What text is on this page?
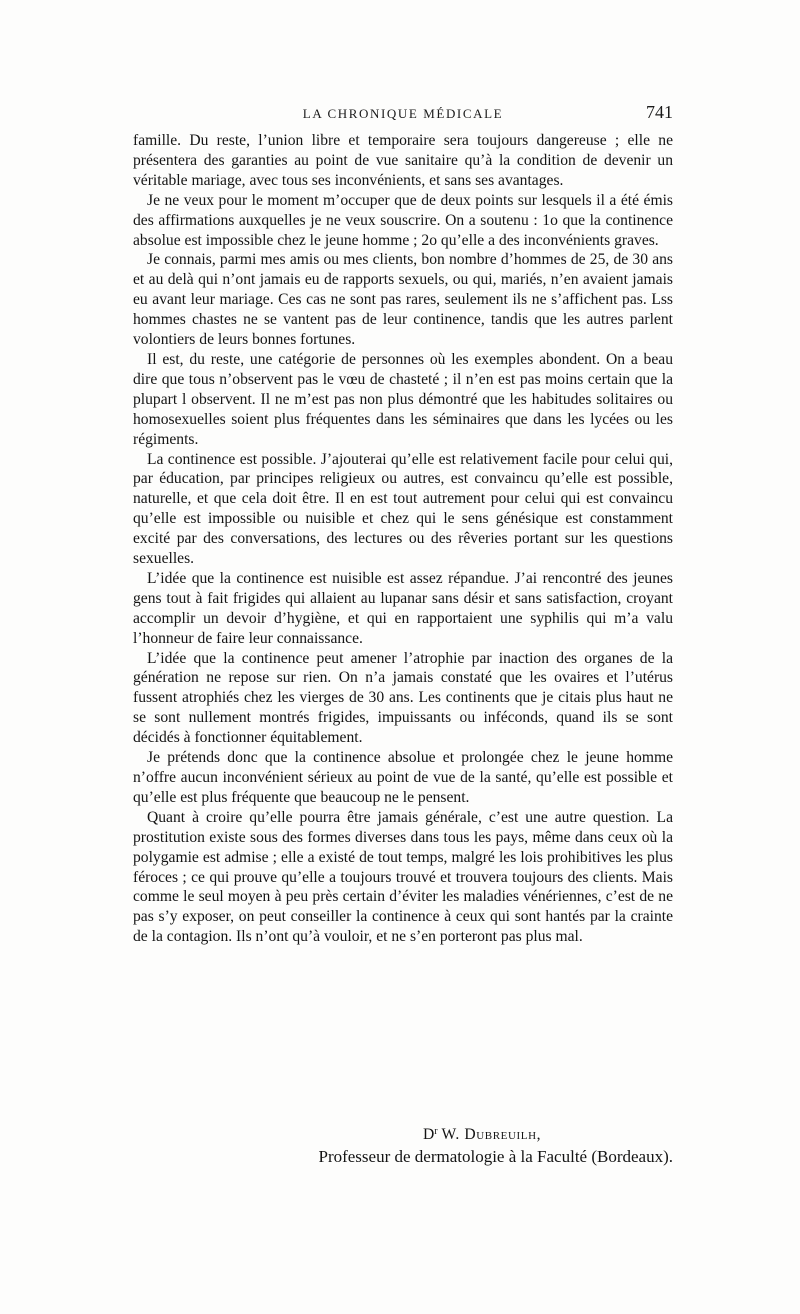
LA CHRONIQUE MÉDICALE	741

famille. Du reste, l’union libre et temporaire sera toujours dangereuse ; elle ne présentera des garanties au point de vue sanitaire qu’à la condition de devenir un véritable mariage, avec tous ses inconvénients, et sans ses avantages.

Je ne veux pour le moment m’occuper que de deux points sur lesquels il a été émis des affirmations auxquelles je ne veux souscrire. On a soutenu : 1o que la continence absolue est impossible chez le jeune homme ; 2o qu’elle a des inconvénients graves.

Je connais, parmi mes amis ou mes clients, bon nombre d’hommes de 25, de 30 ans et au delà qui n’ont jamais eu de rapports sexuels, ou qui, mariés, n’en avaient jamais eu avant leur mariage. Ces cas ne sont pas rares, seulement ils ne s’affichent pas. Lss hommes chastes ne se vantent pas de leur continence, tandis que les autres parlent volontiers de leurs bonnes fortunes.

Il est, du reste, une catégorie de personnes où les exemples abondent. On a beau dire que tous n’observent pas le vœu de chasteté ; il n’en est pas moins certain que la plupart l observent. Il ne m’est pas non plus démontré que les habitudes solitaires ou homosexuelles soient plus fréquentes dans les séminaires que dans les lycées ou les régiments.

La continence est possible. J’ajouterai qu’elle est relativement facile pour celui qui, par éducation, par principes religieux ou autres, est convaincu qu’elle est possible, naturelle, et que cela doit être. Il en est tout autrement pour celui qui est convaincu qu’elle est impossible ou nuisible et chez qui le sens génésique est constamment excité par des conversations, des lectures ou des rêveries portant sur les questions sexuelles.

L’idée que la continence est nuisible est assez répandue. J’ai rencontré des jeunes gens tout à fait frigides qui allaient au lupanar sans désir et sans satisfaction, croyant accomplir un devoir d’hygiène, et qui en rapportaient une syphilis qui m’a valu l’honneur de faire leur connaissance.

L’idée que la continence peut amener l’atrophie par inaction des organes de la génération ne repose sur rien. On n’a jamais constaté que les ovaires et l’utérus fussent atrophiés chez les vierges de 30 ans. Les continents que je citais plus haut ne se sont nullement montrés frigides, impuissants ou inféconds, quand ils se sont décidés à fonctionner équitablement.

Je prétends donc que la continence absolue et prolongée chez le jeune homme n’offre aucun inconvénient sérieux au point de vue de la santé, qu’elle est possible et qu’elle est plus fréquente que beaucoup ne le pensent.

Quant à croire qu’elle pourra être jamais générale, c’est une autre question. La prostitution existe sous des formes diverses dans tous les pays, même dans ceux où la polygamie est admise ; elle a existé de tout temps, malgré les lois prohibitives les plus féroces ; ce qui prouve qu’elle a toujours trouvé et trouvera toujours des clients. Mais comme le seul moyen à peu près certain d’éviter les maladies vénériennes, c’est de ne pas s’y exposer, on peut conseiller la continence à ceux qui sont hantés par la crainte de la contagion. Ils n’ont qu’à vouloir, et ne s’en porteront pas plus mal.

$D^r$ W. Dubreuilh,
Professeur de dermatologie à la Faculté (Bordeaux).
